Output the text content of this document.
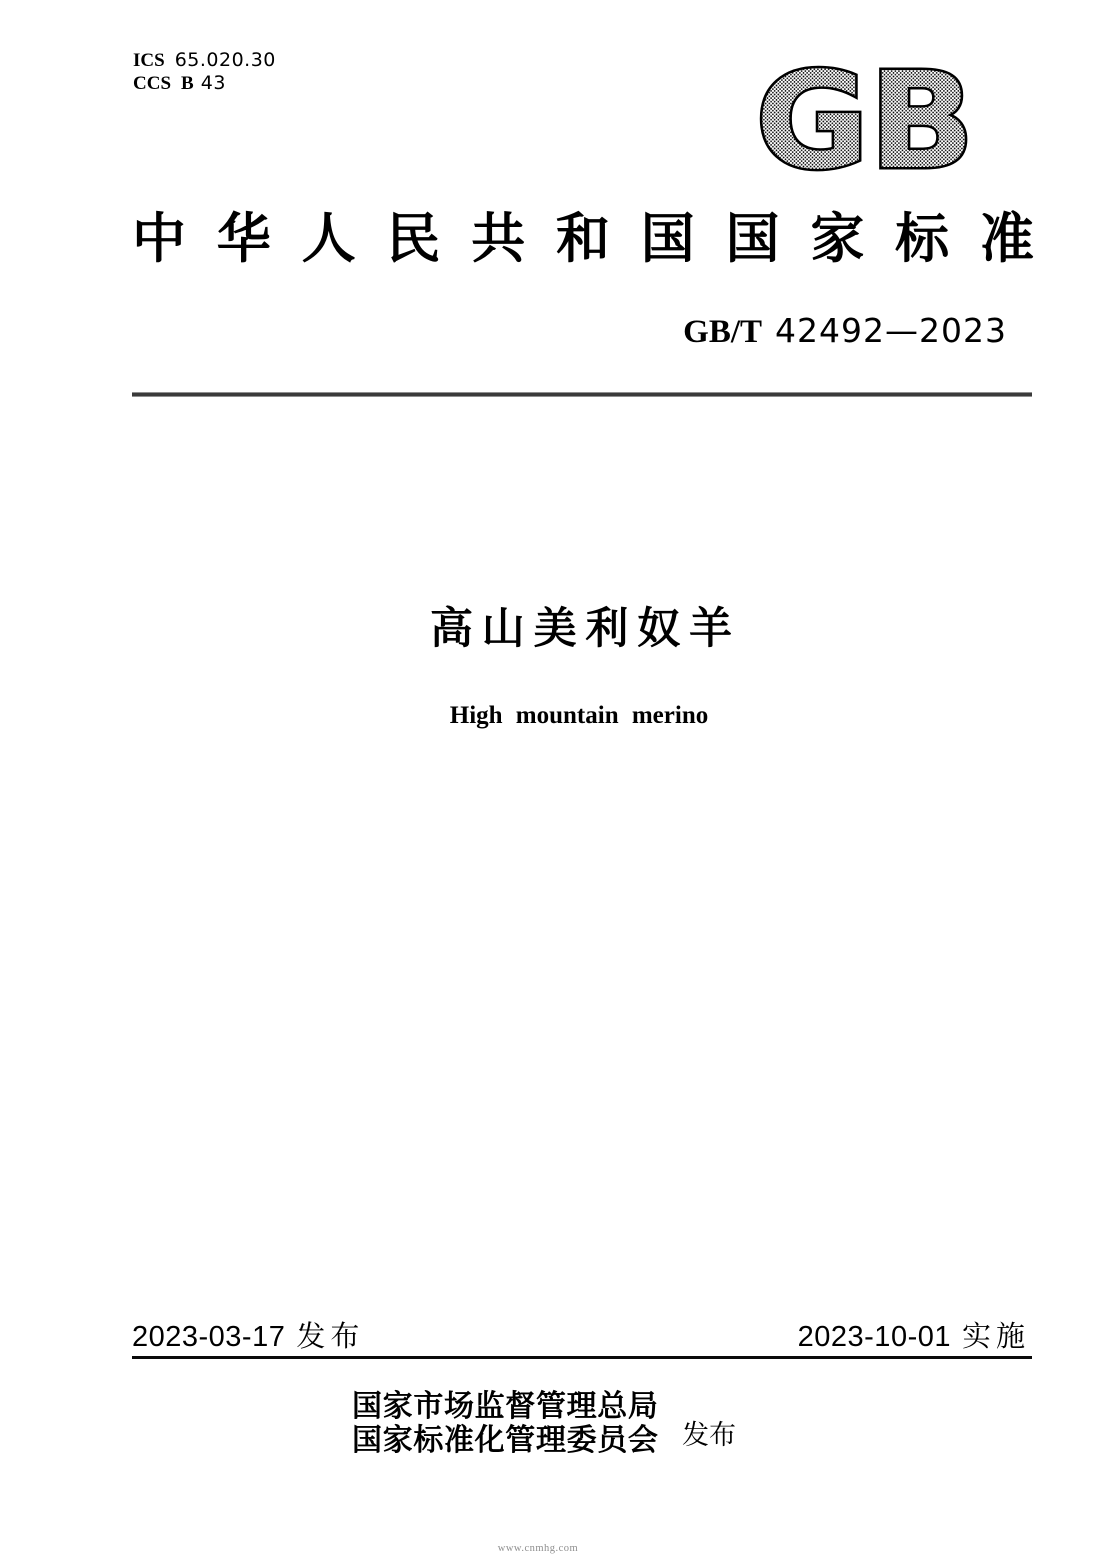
ICS 65.020.30
CCS B 43	GB
中 华 人 民 共 和 国 国 家 标 准
GB/T 42492—2023
高 山 美 利 奴 羊
High mountain merino
2023-03-17 发布	2023-10-01 实施
国 家 市 场 监 督 管 理 总 局
国 家 标 准 化 管 理 委 员 会 发 布
www.cnmhg.com
